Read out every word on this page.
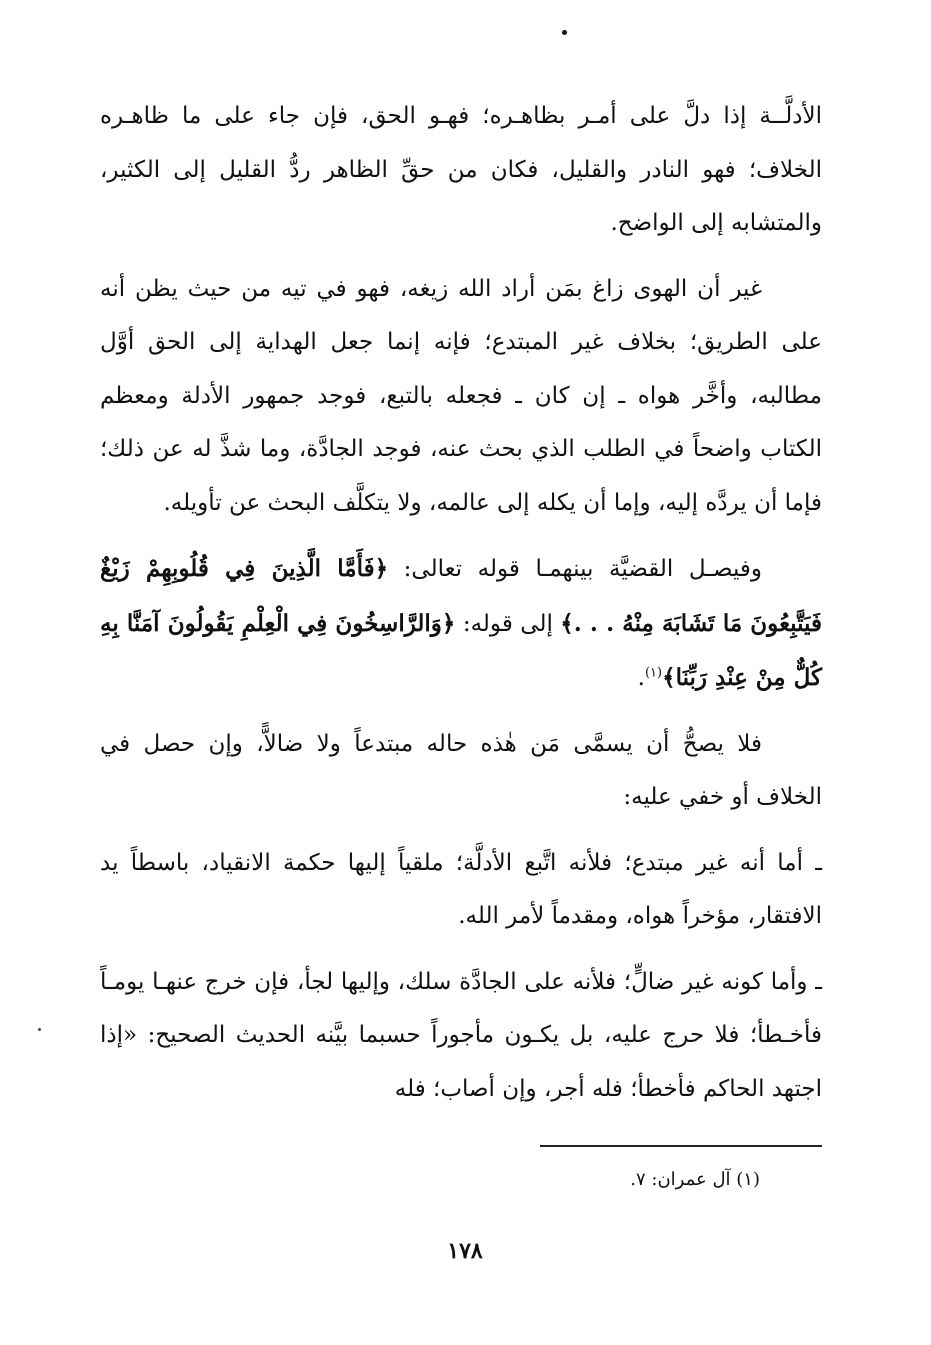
الأدلَّــة إذا دلَّ على أمـر بظاهـره؛ فهـو الحق، فإن جاء على ما ظاهـره الخلاف؛ فهو النادر والقليل، فكان من حقِّ الظاهر ردُّ القليل إلى الكثير، والمتشابه إلى الواضح.

غير أن الهوى زاغ بمَن أراد الله زيغه، فهو في تيه من حيث يظن أنه على الطريق؛ بخلاف غير المبتدع؛ فإنه إنما جعل الهداية إلى الحق أوَّل مطالبه، وأخَّر هواه ـ إن كان ـ فجعله بالتبع، فوجد جمهور الأدلة ومعظم الكتاب واضحاً في الطلب الذي بحث عنه، فوجد الجادَّة، وما شذَّ له عن ذلك؛ فإما أن يردَّه إليه، وإما أن يكله إلى عالمه، ولا يتكلَّف البحث عن تأويله.

وفيصـل القضيَّة بينهمـا قوله تعالى: ﴿فَأَمَّا الَّذِينَ فِي قُلُوبِهِمْ زَيْغٌ فَيَتَّبِعُونَ مَا تَشَابَهَ مِنْهُ . . .﴾ إلى قوله: ﴿وَالرَّاسِخُونَ فِي الْعِلْمِ يَقُولُونَ آمَنَّا بِهِ كُلٌّ مِنْ عِنْدِ رَبِّنَا﴾$^{(١)}$.

فلا يصحُّ أن يسمَّى مَن هٰذه حاله مبتدعاً ولا ضالاًّ، وإن حصل في الخلاف أو خفي عليه:

ـ أما أنه غير مبتدع؛ فلأنه اتَّبع الأدلَّة؛ ملقياً إليها حكمة الانقياد، باسطاً يد الافتقار، مؤخراً هواه، ومقدماً لأمر الله.

ـ وأما كونه غير ضالٍّ؛ فلأنه على الجادَّة سلك، وإليها لجأ، فإن خرج عنهـا يومـاً فأخـطأ؛ فلا حرج عليه، بل يكـون مأجوراً حسبما بيَّنه الحديث الصحيح: «إذا اجتهد الحاكم فأخطأ؛ فله أجر، وإن أصاب؛ فله

(١) آل عمران: ٧.
١٧٨
